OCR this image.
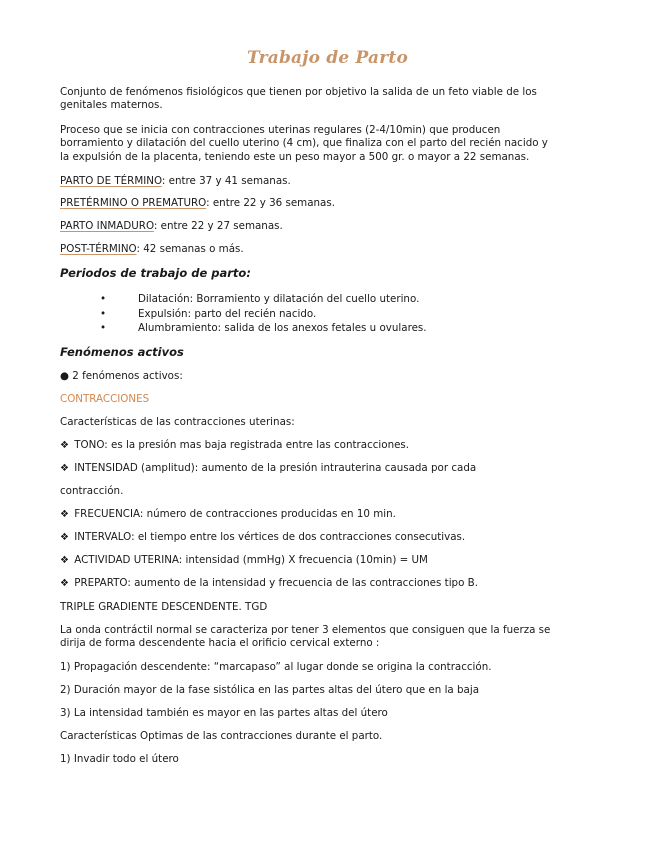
Trabajo de Parto
Conjunto de fenómenos fisiológicos que tienen por objetivo la salida de un feto viable de los genitales maternos.
Proceso que se inicia con contracciones uterinas regulares (2-4/10min) que producen borramiento y dilatación del cuello uterino (4 cm), que finaliza con el parto del recién nacido y la expulsión de la placenta, teniendo este un peso mayor a 500 gr. o mayor a 22 semanas.
PARTO DE TÉRMINO: entre 37 y 41 semanas.
PRETÉRMINO O PREMATURO: entre 22 y 36 semanas.
PARTO INMADURO: entre 22 y 27 semanas.
POST-TÉRMINO: 42 semanas o más.
Periodos de trabajo de parto:
•	Dilatación: Borramiento y dilatación del cuello uterino.
•	Expulsión: parto del recién nacido.
•	Alumbramiento: salida de los anexos fetales u ovulares.
Fenómenos activos
● 2 fenómenos activos:
CONTRACCIONES
Características de las contracciones uterinas:
❖ TONO: es la presión mas baja registrada entre las contracciones.
❖ INTENSIDAD (amplitud): aumento de la presión intrauterina causada por cada
contracción.
❖ FRECUENCIA: número de contracciones producidas en 10 min.
❖ INTERVALO: el tiempo entre los vértices de dos contracciones consecutivas.
❖ ACTIVIDAD UTERINA: intensidad (mmHg) X frecuencia (10min) = UM
❖ PREPARTO: aumento de la intensidad y frecuencia de las contracciones tipo B.
TRIPLE GRADIENTE DESCENDENTE. TGD
La onda contráctil normal se caracteriza por tener 3 elementos que consiguen que la fuerza se dirija de forma descendente hacia el orificio cervical externo :
1) Propagación descendente: “marcapaso” al lugar donde se origina la contracción.
2) Duración mayor de la fase sistólica en las partes altas del útero que en la baja
3) La intensidad también es mayor en las partes altas del útero
Características Optimas de las contracciones durante el parto.
1) Invadir todo el útero
